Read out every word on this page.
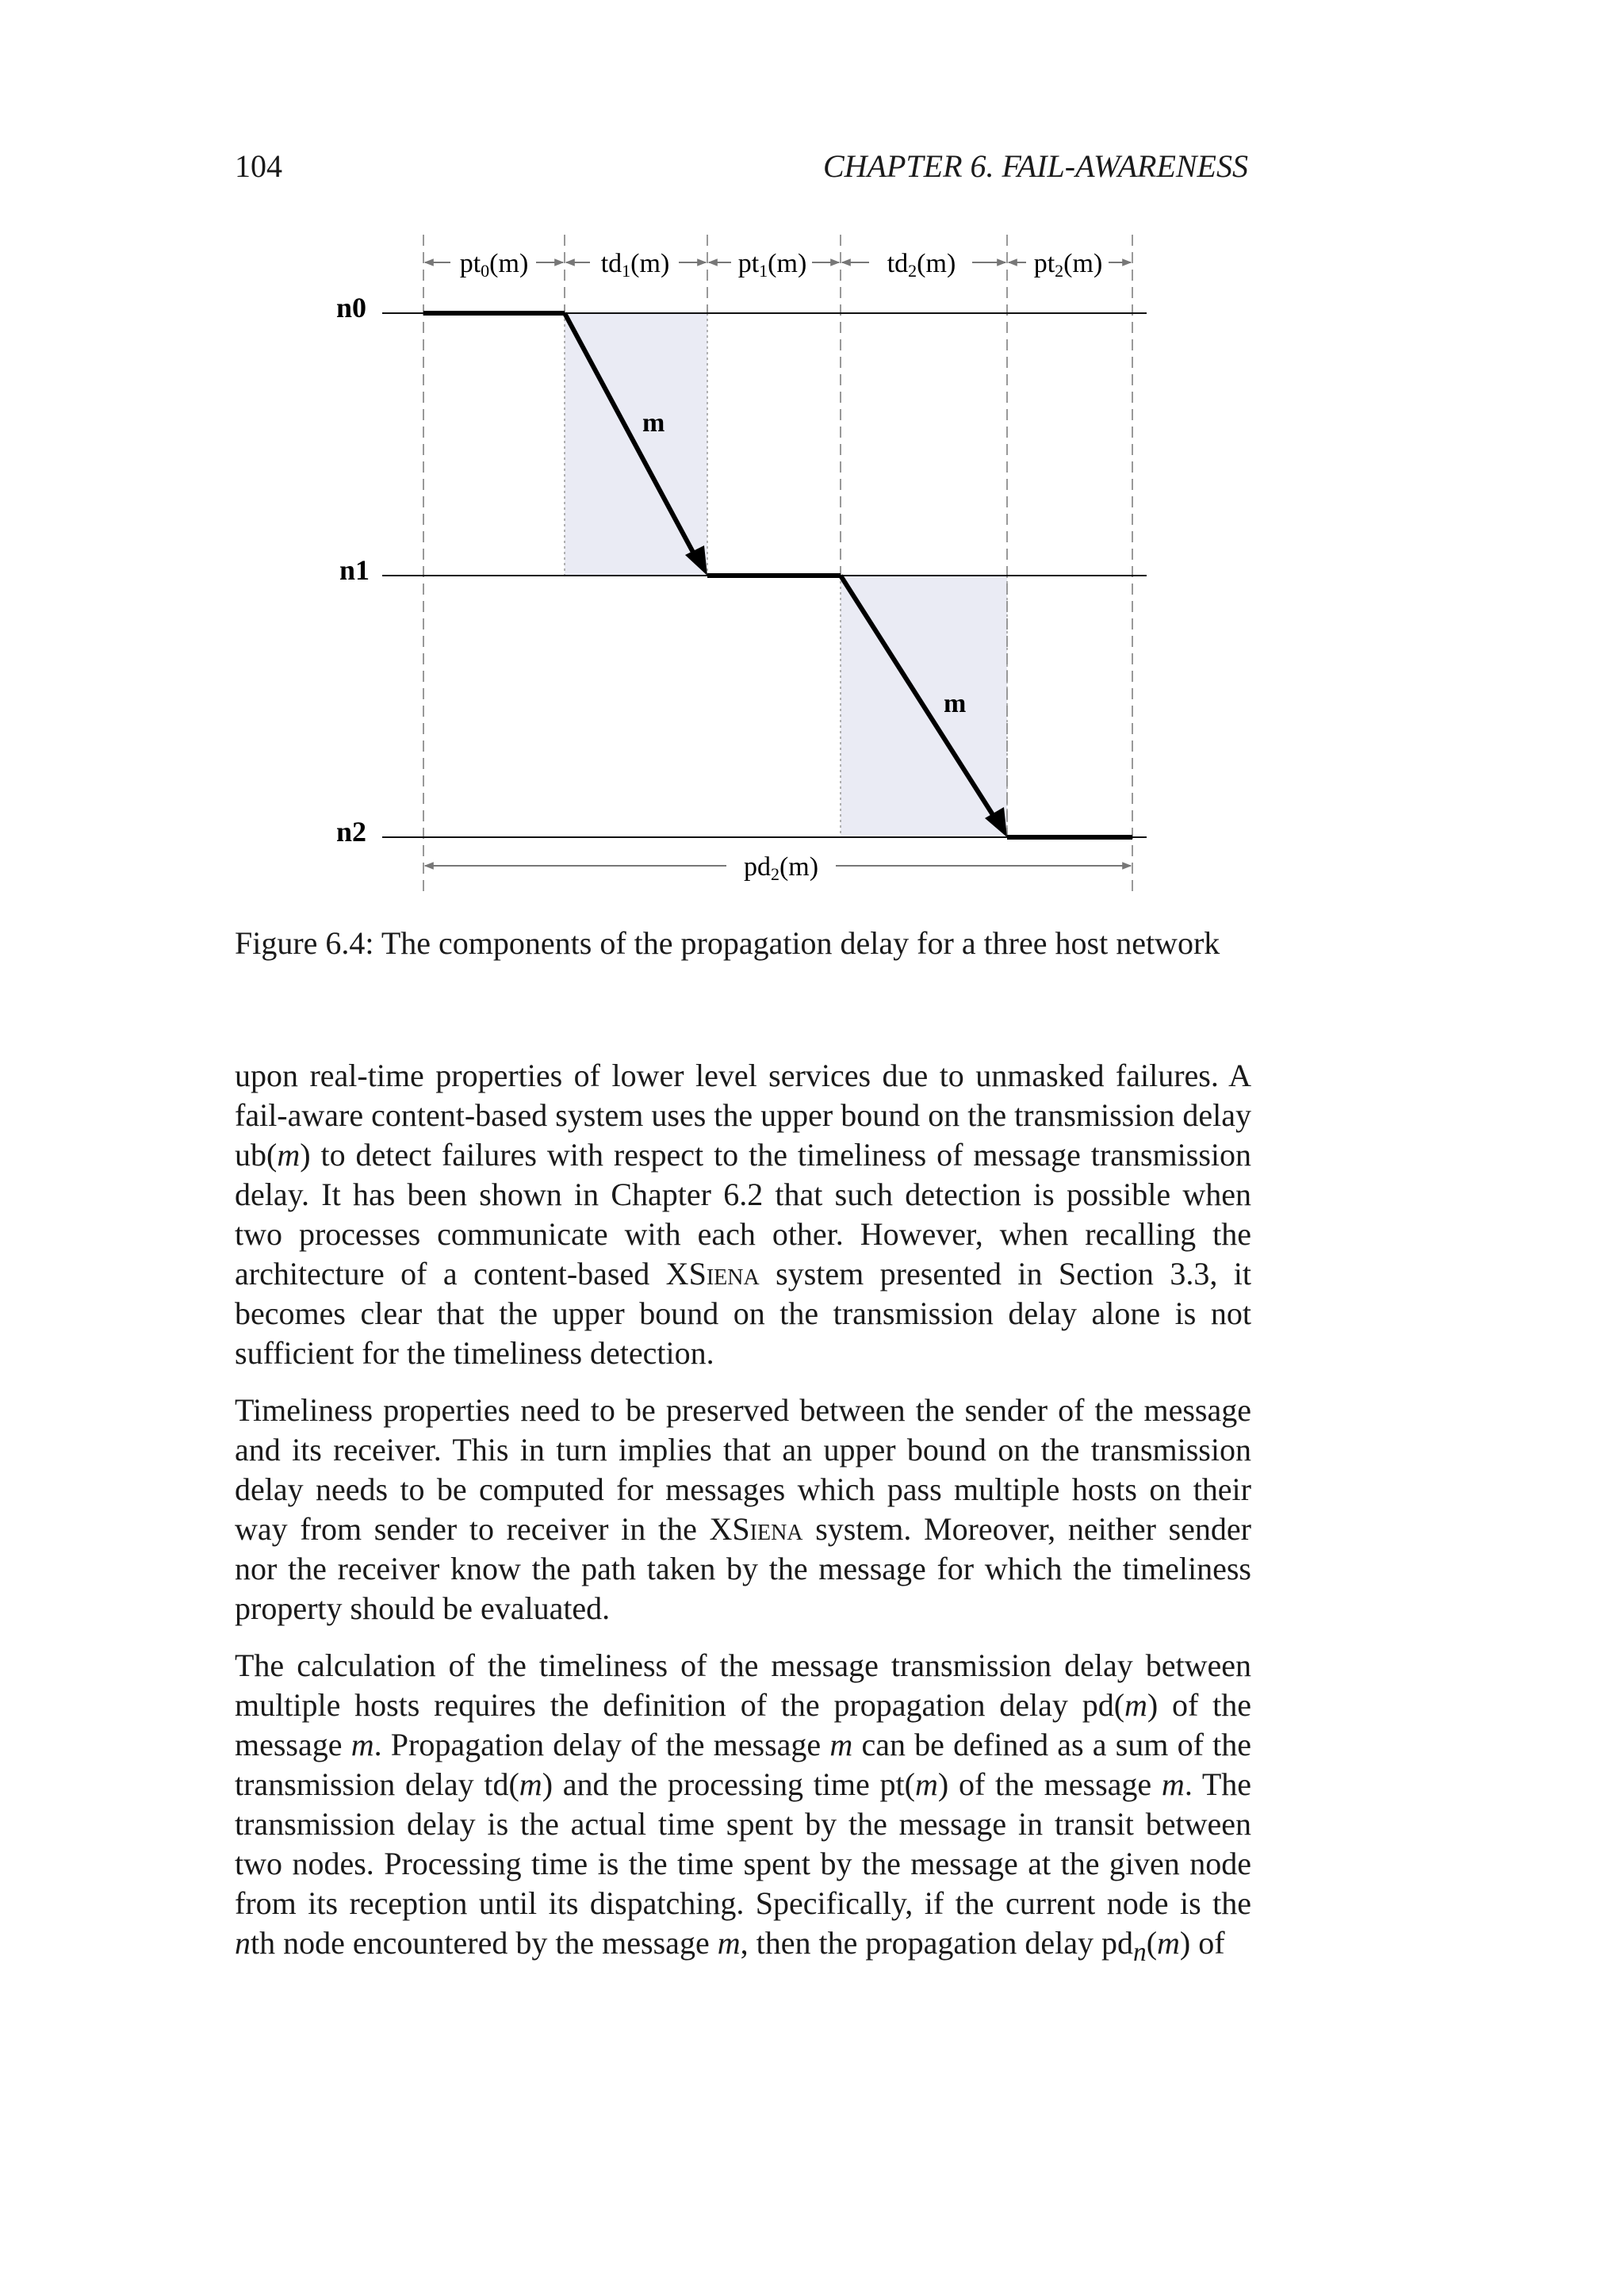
104	CHAPTER 6. FAIL-AWARENESS
n0
n1
n2
m
m
pt0(m)	td1(m)	pt1(m)	td2(m)	pt2(m)
pd2(m)
Figure 6.4: The components of the propagation delay for a three host network

upon real-time properties of lower level services due to unmasked failures. A fail-aware content-based system uses the upper bound on the transmission delay ub(m) to detect failures with respect to the timeliness of message transmission delay. It has been shown in Chapter 6.2 that such detection is possible when two processes communicate with each other. However, when recalling the architecture of a content-based XSiena system presented in Section 3.3, it becomes clear that the upper bound on the transmission delay alone is not sufficient for the timeliness detection.

Timeliness properties need to be preserved between the sender of the message and its receiver. This in turn implies that an upper bound on the transmission delay needs to be computed for messages which pass multiple hosts on their way from sender to receiver in the XSiena system. Moreover, neither sender nor the receiver know the path taken by the message for which the timeliness property should be evaluated.

The calculation of the timeliness of the message transmission delay between multiple hosts requires the definition of the propagation delay pd(m) of the message m. Propagation delay of the message m can be defined as a sum of the transmission delay td(m) and the processing time pt(m) of the message m. The transmission delay is the actual time spent by the message in transit between two nodes. Processing time is the time spent by the message at the given node from its reception until its dispatching. Specifically, if the current node is the nth node encountered by the message m, then the propagation delay $pd_n(m)$ of
